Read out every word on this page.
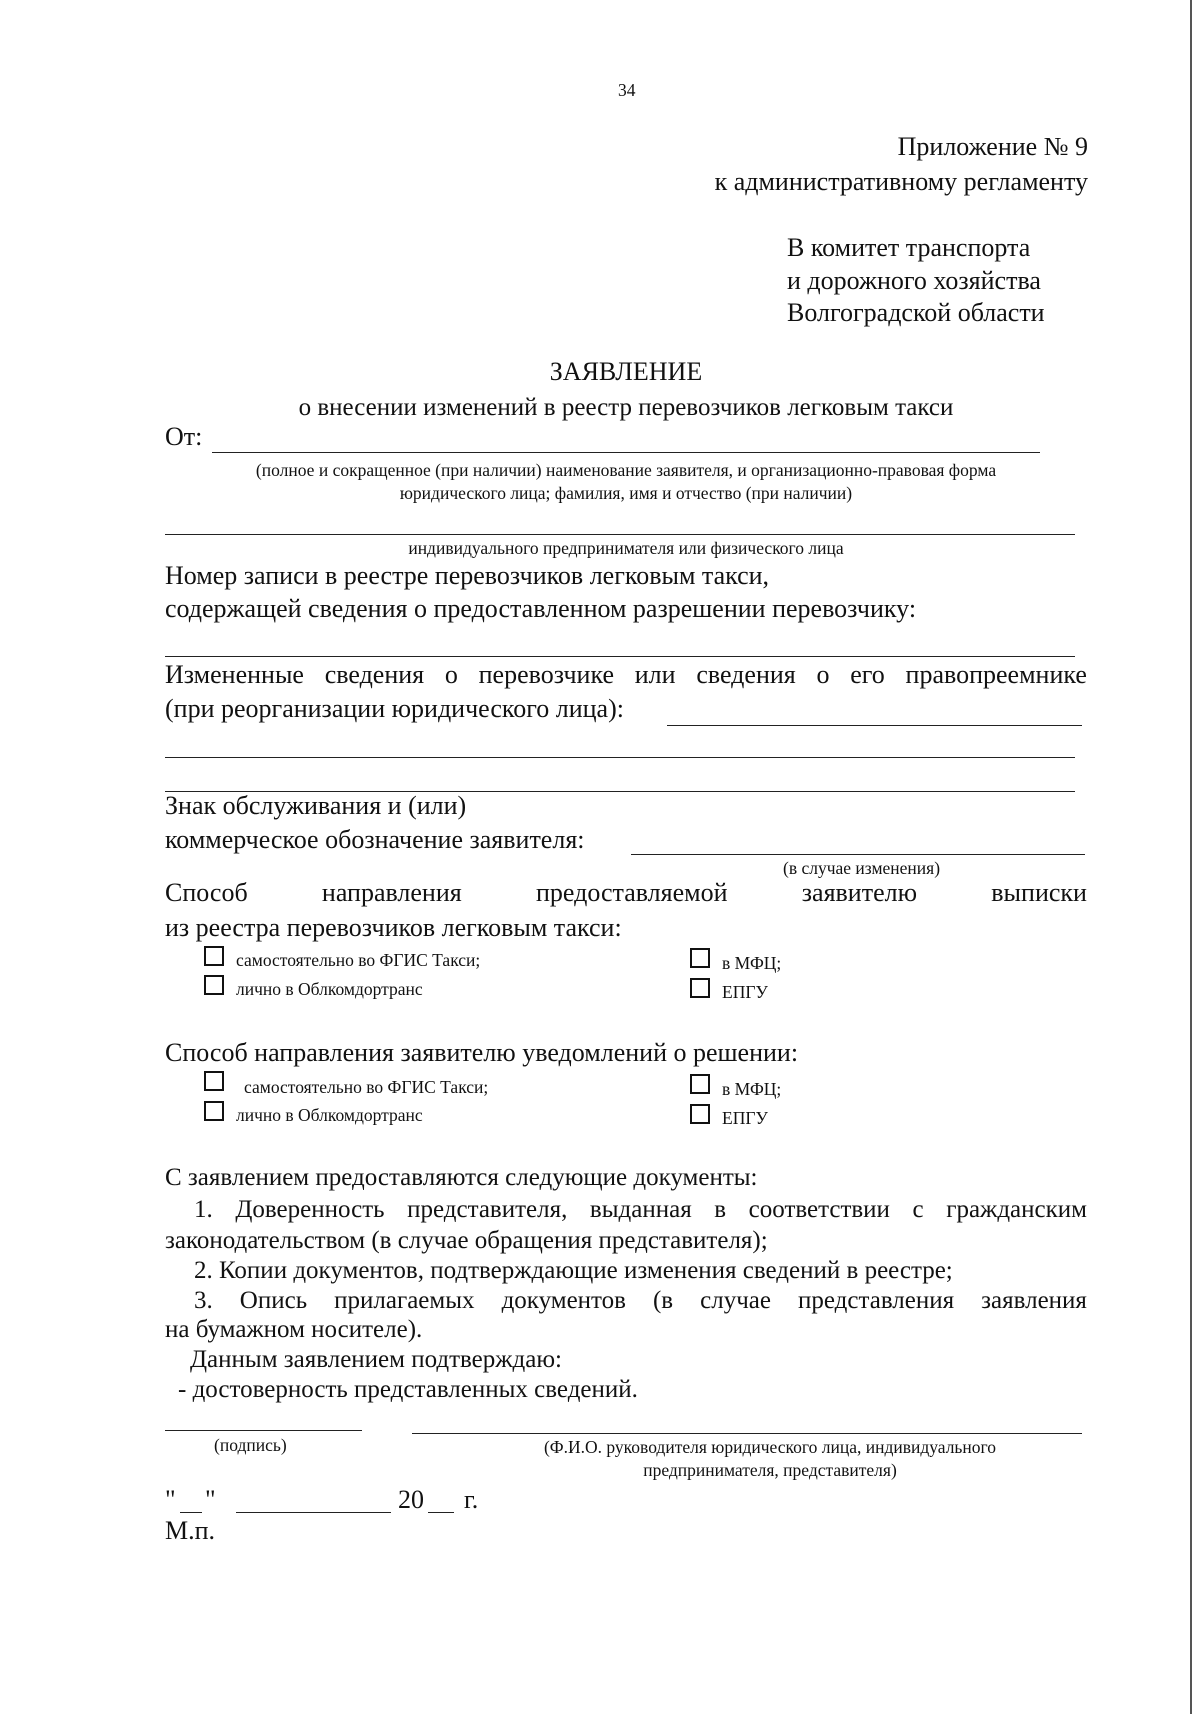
34
Приложение № 9
к административному регламенту
В комитет транспорта
и дорожного хозяйства
Волгоградской области
ЗАЯВЛЕНИЕ
о внесении изменений в реестр перевозчиков легковым такси
От:
(полное и сокращенное (при наличии) наименование заявителя, и организационно-правовая форма
юридического лица; фамилия, имя и отчество (при наличии)
индивидуального предпринимателя или физического лица
Номер записи в реестре перевозчиков легковым такси,
содержащей сведения о предоставленном разрешении перевозчику:
Измененные сведения о перевозчике или сведения о его правопреемнике
(при реорганизации юридического лица):
Знак обслуживания и (или)
коммерческое обозначение заявителя:
(в случае изменения)
Способ	направления	предоставляемой	заявителю	выписки
из реестра перевозчиков легковым такси:
самостоятельно во ФГИС Такси;	в МФЦ;
лично в Облкомдортранс	ЕПГУ
Способ направления заявителю уведомлений о решении:
самостоятельно во ФГИС Такси;	в МФЦ;
лично в Облкомдортранс	ЕПГУ
С заявлением предоставляются следующие документы:
1. Доверенность представителя, выданная в соответствии с гражданским
законодательством (в случае обращения представителя);
2. Копии документов, подтверждающие изменения сведений в реестре;
3. Опись прилагаемых документов (в случае представления заявления
на бумажном носителе).
Данным заявлением подтверждаю:
- достоверность представленных сведений.
(подпись)	(Ф.И.О. руководителя юридического лица, индивидуального
предпринимателя, представителя)
" "	20 г.
М.п.
